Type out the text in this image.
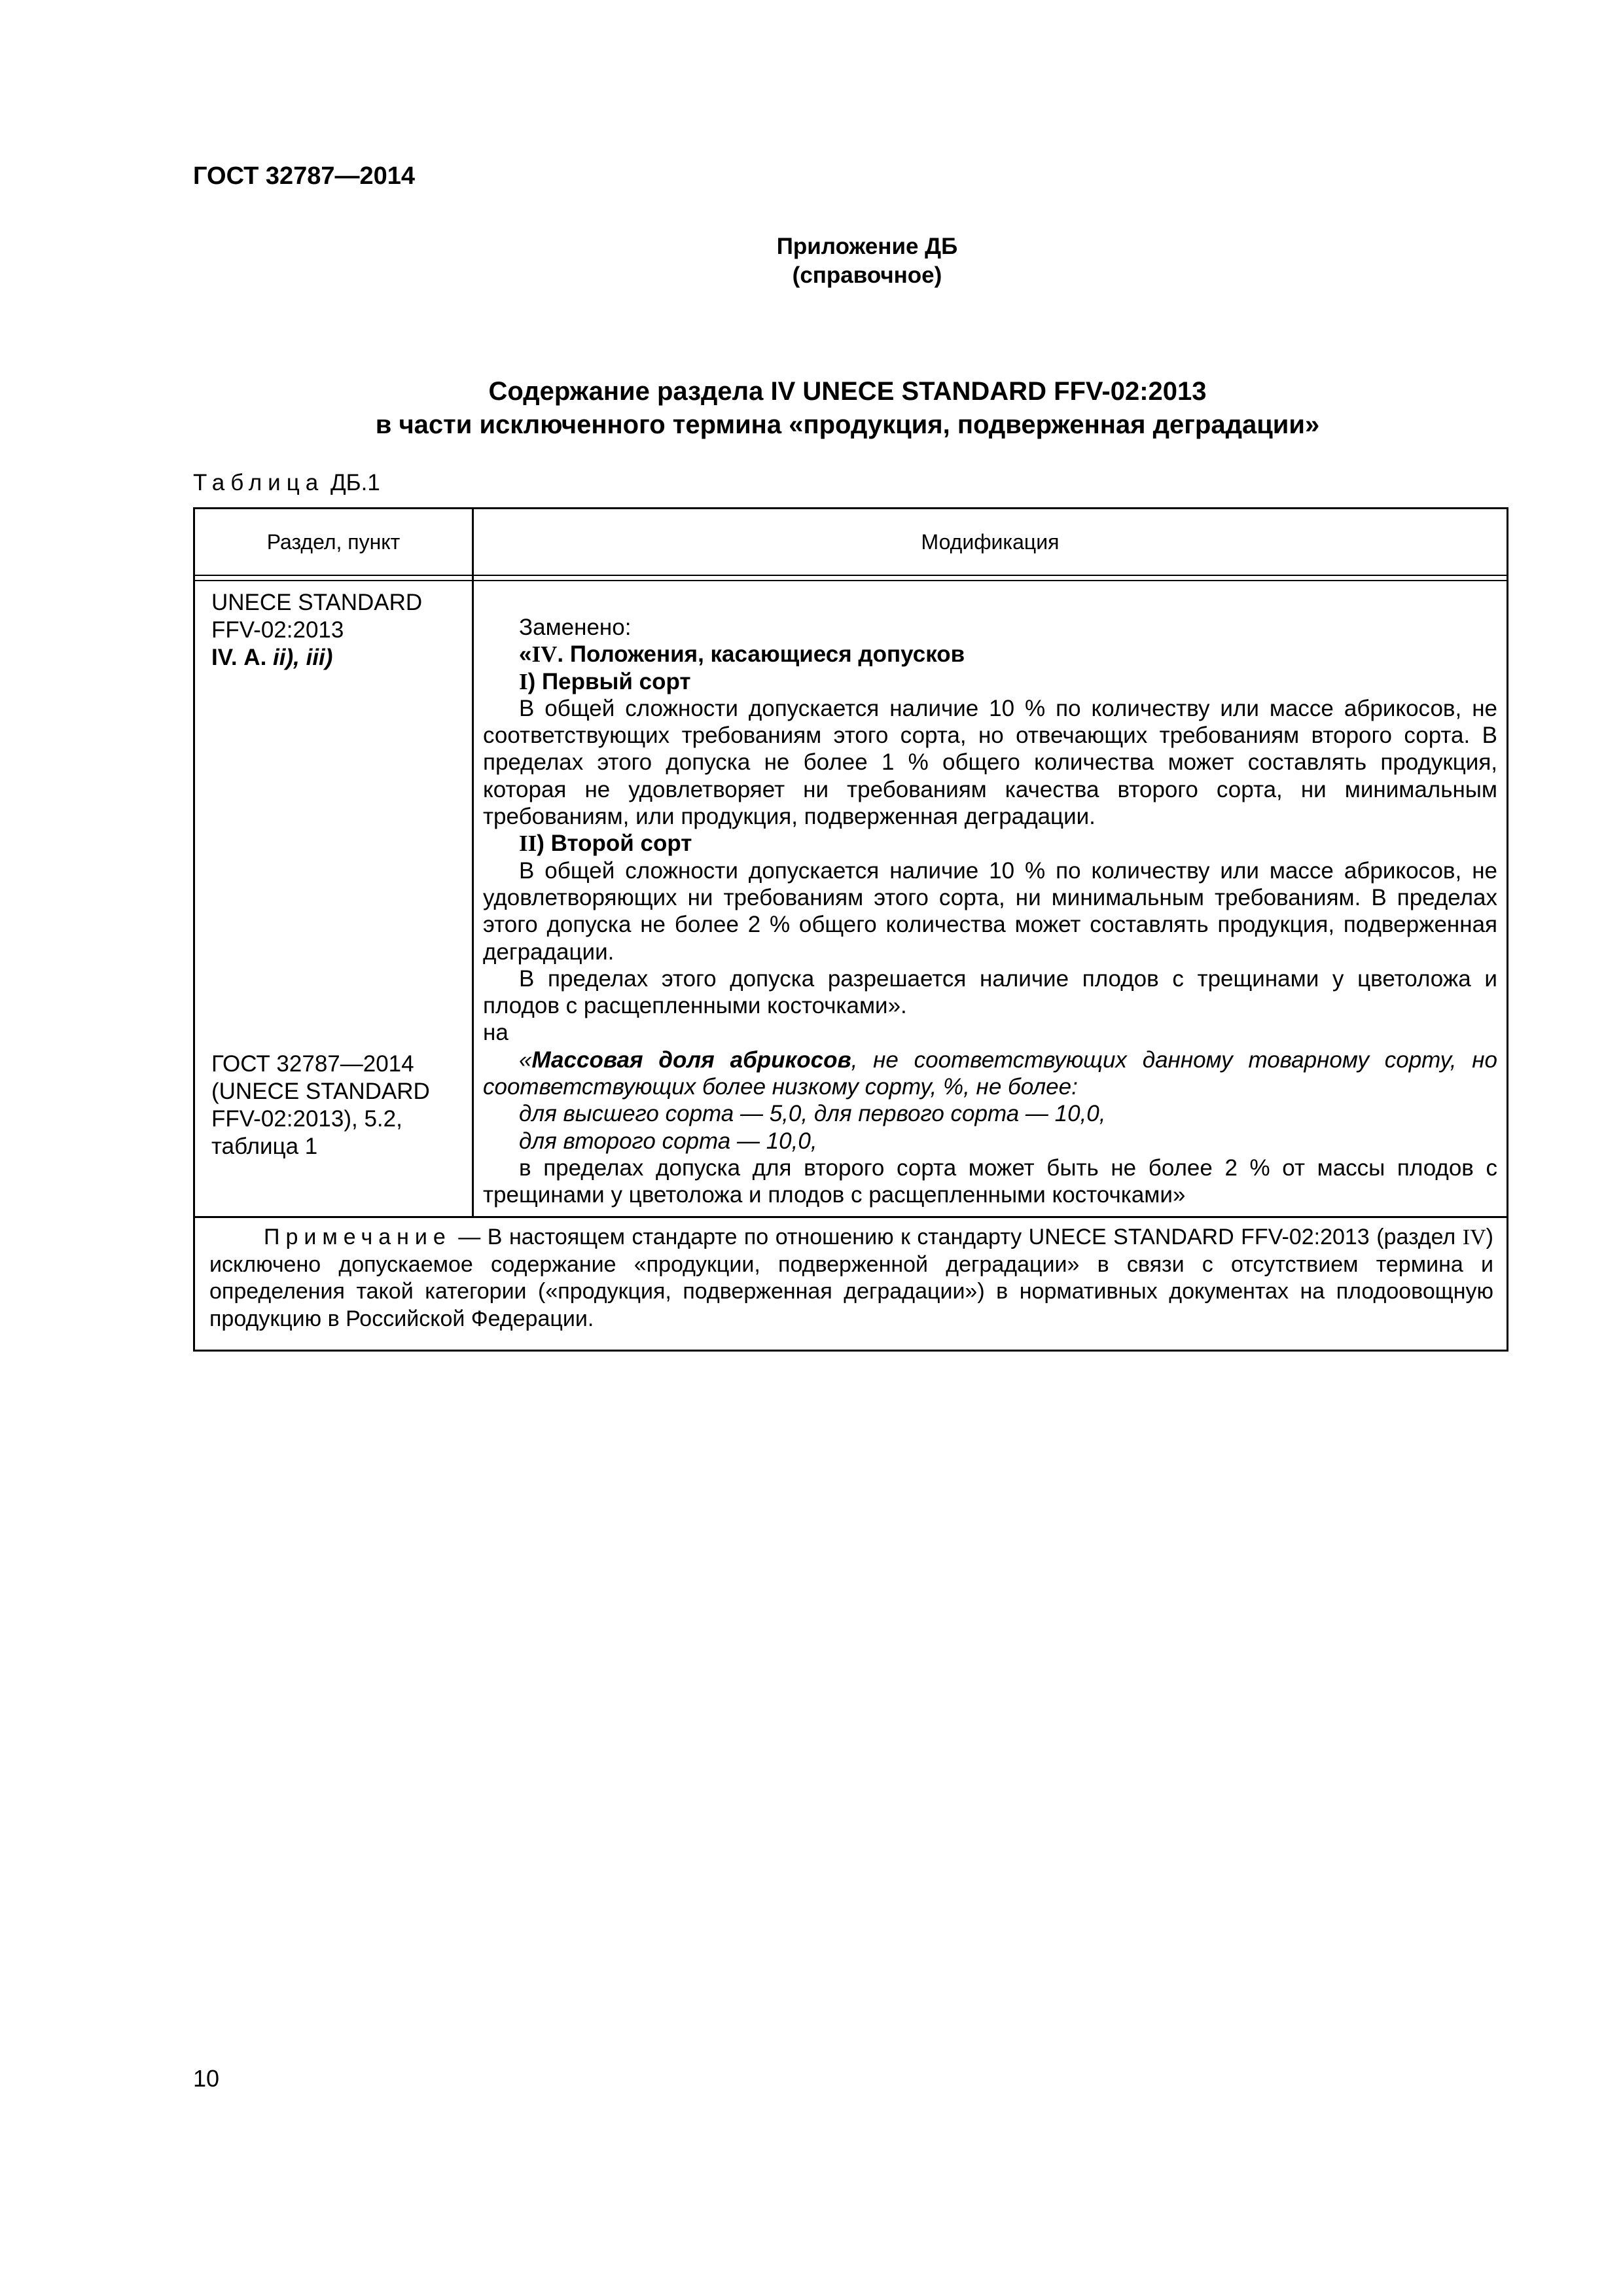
ГОСТ 32787—2014

Приложение ДБ
(справочное)
Содержание раздела IV UNECE STANDARD FFV-02:2013
в части исключенного термина «продукция, подверженная деградации»
Таблица ДБ.1
Раздел, пункт	Модификация
UNECE STANDARD
FFV-02:2013
IV. А. ii), iii)
ГОСТ 32787—2014
(UNECE STANDARD
FFV-02:2013), 5.2,
таблица 1

Заменено:

«IV. Положения, касающиеся допусков

I) Первый сорт

В общей сложности допускается наличие 10 % по количеству или массе абрикосов, не соответствующих требованиям этого сорта, но отвечающих требованиям второго сорта. В пределах этого допуска не более 1 % общего количества может составлять продукция, которая не удовлетворяет ни требованиям качества второго сорта, ни минимальным требованиям, или продукция, подверженная деградации.

II) Второй сорт

В общей сложности допускается наличие 10 % по количеству или массе абрикосов, не удовлетворяющих ни требованиям этого сорта, ни минимальным требованиям. В пределах этого допуска не более 2 % общего количества может составлять продукция, подверженная деградации.

В пределах этого допуска разрешается наличие плодов с трещинами у цветоложа и плодов с расщепленными косточками».

на

«Массовая доля абрикосов, не соответствующих данному товарному сорту, но соответствующих более низкому сорту, %, не более:

для высшего сорта — 5,0, для первого сорта — 10,0,

для второго сорта — 10,0,

в пределах допуска для второго сорта может быть не более 2 % от массы плодов с трещинами у цветоложа и плодов с расщепленными косточками»

Примечание — В настоящем стандарте по отношению к стандарту UNECE STANDARD FFV-02:2013 (раздел IV) исключено допускаемое содержание «продукции, подверженной деградации» в связи с отсутствием термина и определения такой категории («продукция, подверженная деградации») в нормативных документах на плодоовощную продукцию в Российской Федерации.

10
